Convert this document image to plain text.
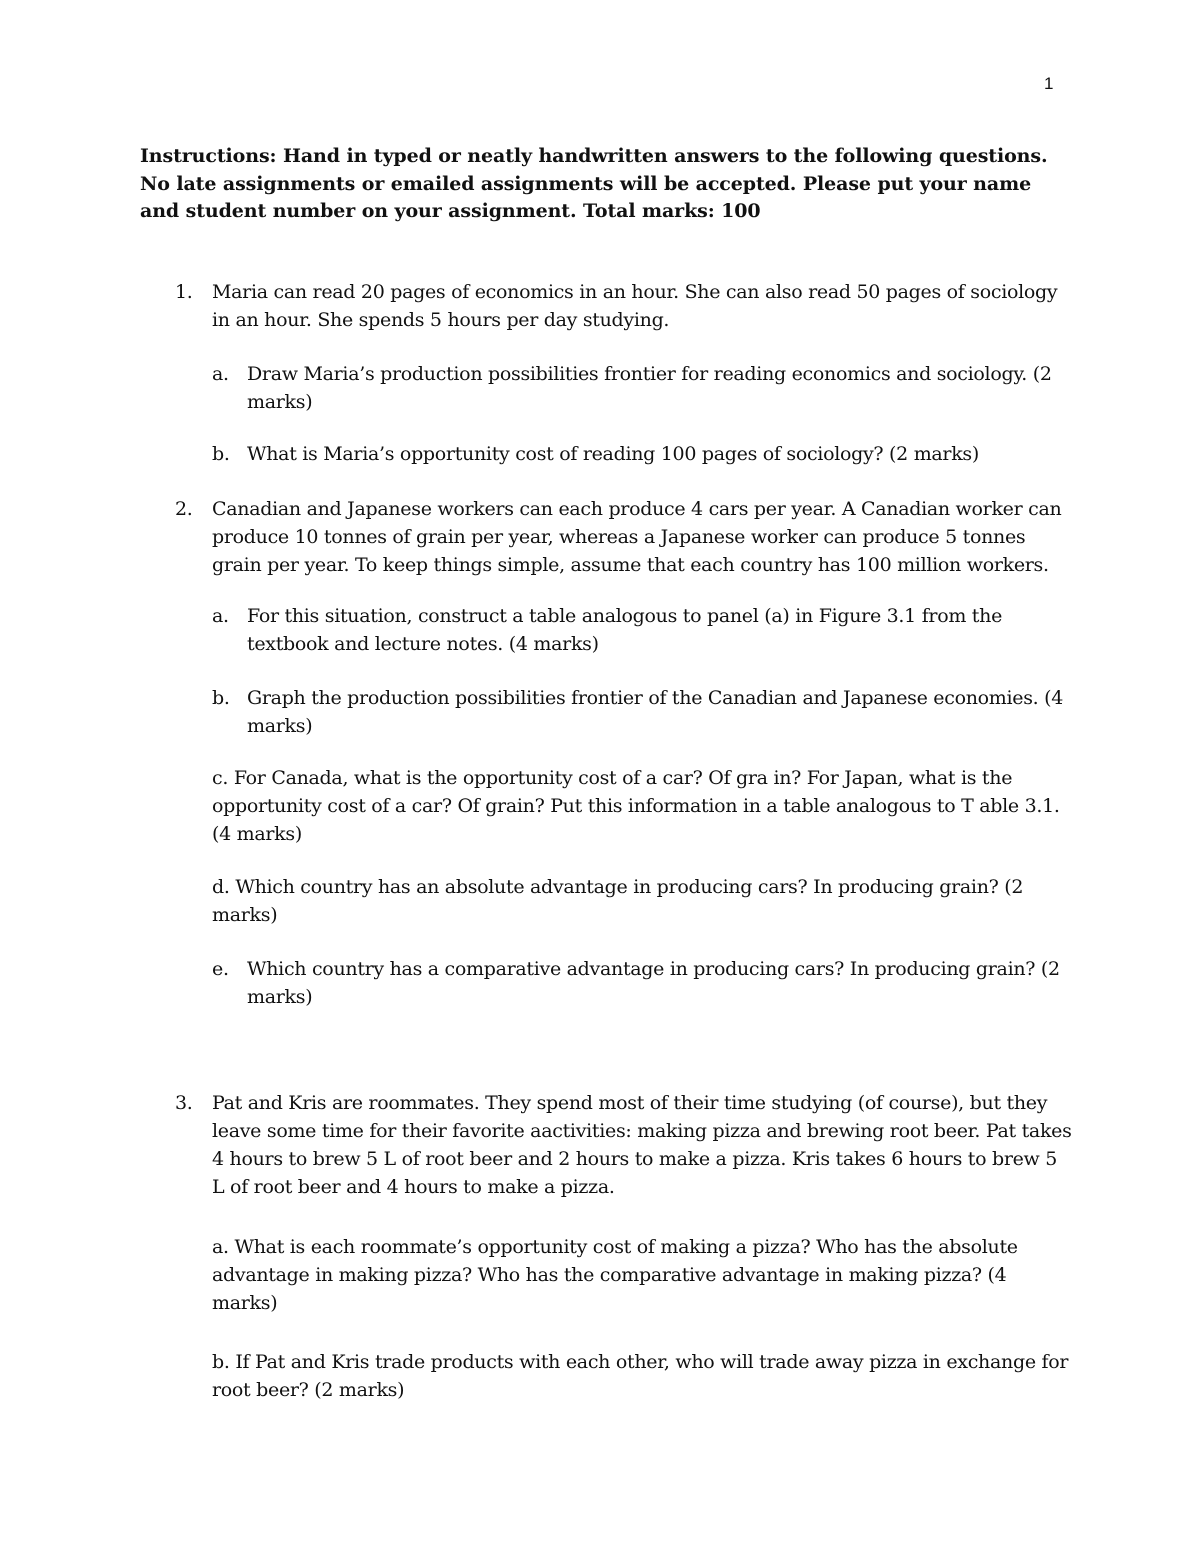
1
Instructions: Hand in typed or neatly handwritten answers to the following questions. No late assignments or emailed assignments will be accepted. Please put your name and student number on your assignment. Total marks: 100
1. Maria can read 20 pages of economics in an hour. She can also read 50 pages of sociology in an hour. She spends 5 hours per day studying.
a. Draw Maria’s production possibilities frontier for reading economics and sociology. (2 marks)
b. What is Maria’s opportunity cost of reading 100 pages of sociology? (2 marks)
2. Canadian and Japanese workers can each produce 4 cars per year. A Canadian worker can produce 10 tonnes of grain per year, whereas a Japanese worker can produce 5 tonnes grain per year. To keep things simple, assume that each country has 100 million workers.
a. For this situation, construct a table analogous to panel (a) in Figure 3.1 from the textbook and lecture notes. (4 marks)
b. Graph the production possibilities frontier of the Canadian and Japanese economies. (4 marks)
c. For Canada, what is the opportunity cost of a car? Of gra in? For Japan, what is the opportunity cost of a car? Of grain? Put this information in a table analogous to T able 3.1. (4 marks)
d. Which country has an absolute advantage in producing cars? In producing grain? (2 marks)
e. Which country has a comparative advantage in producing cars? In producing grain? (2 marks)
3. Pat and Kris are roommates. They spend most of their time studying (of course), but they leave some time for their favorite aactivities: making pizza and brewing root beer. Pat takes 4 hours to brew 5 L of root beer and 2 hours to make a pizza. Kris takes 6 hours to brew 5 L of root beer and 4 hours to make a pizza.
a. What is each roommate’s opportunity cost of making a pizza? Who has the absolute advantage in making pizza? Who has the comparative advantage in making pizza? (4 marks)
b. If Pat and Kris trade products with each other, who will trade away pizza in exchange for root beer? (2 marks)
